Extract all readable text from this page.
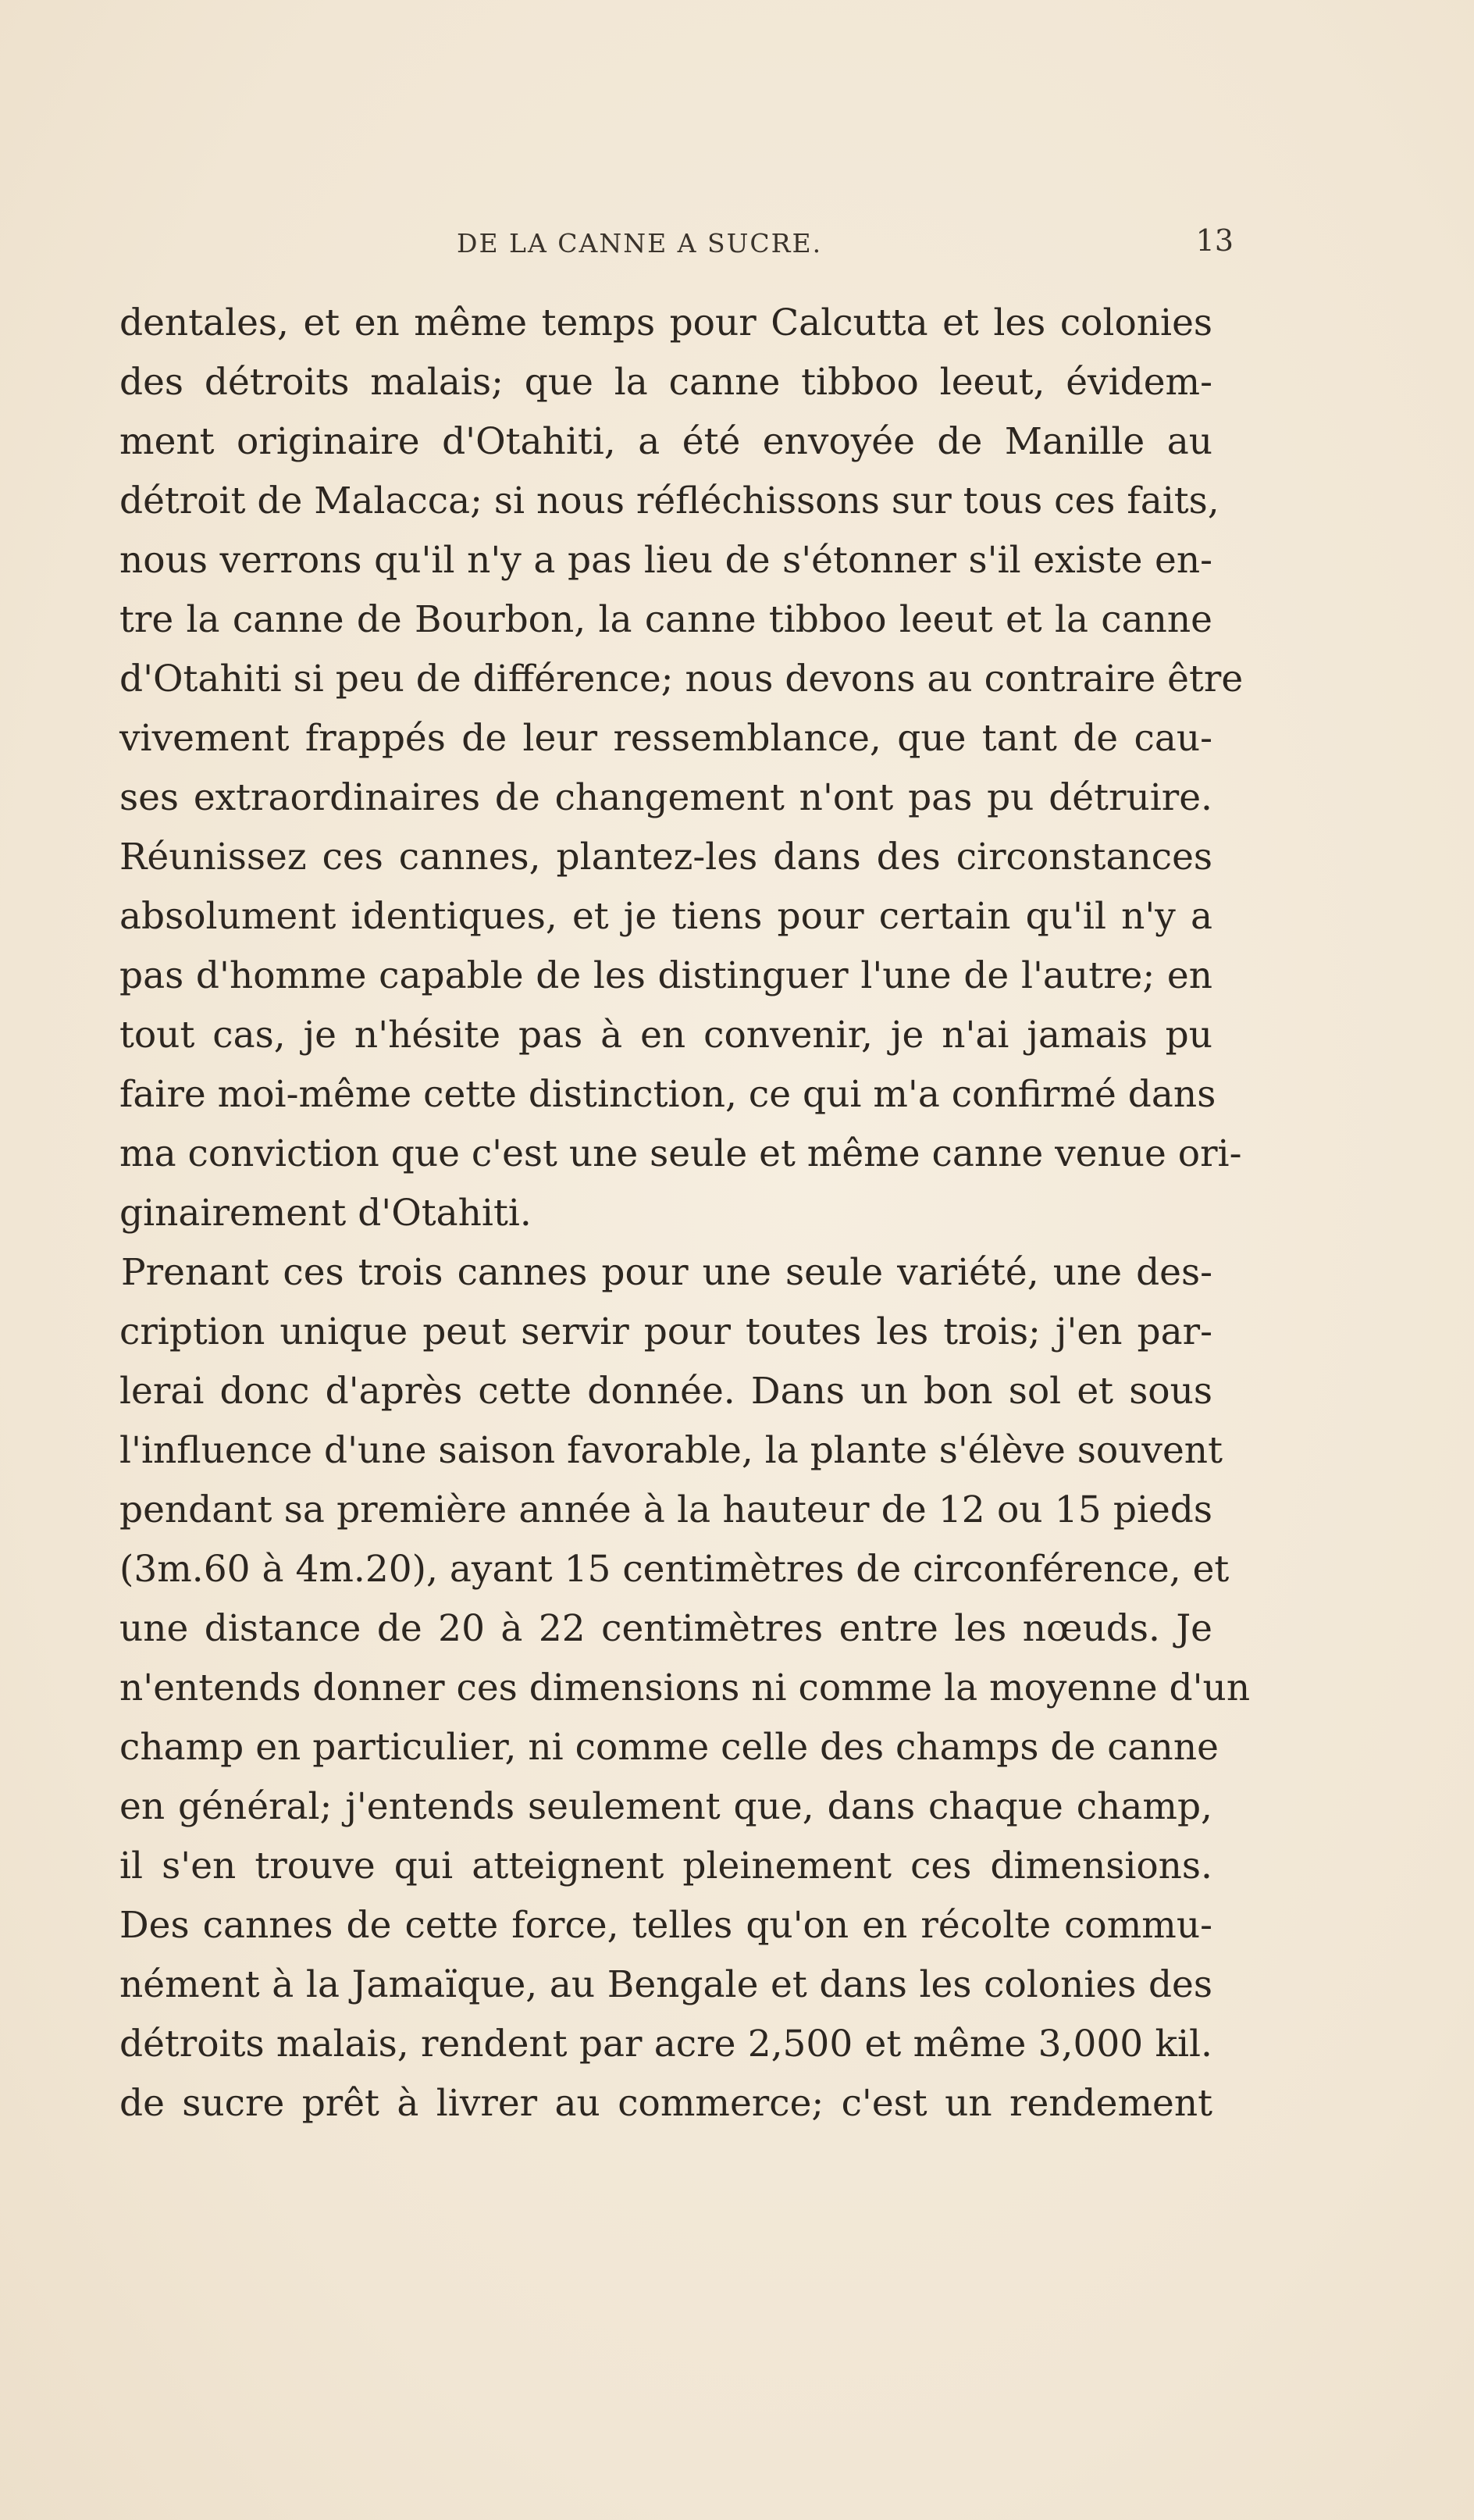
DE LA CANNE A SUCRE.	13
dentales, et en même temps pour Calcutta et les colonies
des détroits malais; que la canne tibboo leeut, évidem-
ment originaire d'Otahiti, a été envoyée de Manille au
détroit de Malacca; si nous réfléchissons sur tous ces faits,
nous verrons qu'il n'y a pas lieu de s'étonner s'il existe en-
tre la canne de Bourbon, la canne tibboo leeut et la canne
d'Otahiti si peu de différence; nous devons au contraire être
vivement frappés de leur ressemblance, que tant de cau-
ses extraordinaires de changement n'ont pas pu détruire.
Réunissez ces cannes, plantez-les dans des circonstances
absolument identiques, et je tiens pour certain qu'il n'y a
pas d'homme capable de les distinguer l'une de l'autre; en
tout cas, je n'hésite pas à en convenir, je n'ai jamais pu
faire moi-même cette distinction, ce qui m'a confirmé dans
ma conviction que c'est une seule et même canne venue ori-
ginairement d'Otahiti.
Prenant ces trois cannes pour une seule variété, une des-
cription unique peut servir pour toutes les trois; j'en par-
lerai donc d'après cette donnée. Dans un bon sol et sous
l'influence d'une saison favorable, la plante s'élève souvent
pendant sa première année à la hauteur de 12 ou 15 pieds
(3m.60 à 4m.20), ayant 15 centimètres de circonférence, et
une distance de 20 à 22 centimètres entre les nœuds. Je
n'entends donner ces dimensions ni comme la moyenne d'un
champ en particulier, ni comme celle des champs de canne
en général; j'entends seulement que, dans chaque champ,
il s'en trouve qui atteignent pleinement ces dimensions.
Des cannes de cette force, telles qu'on en récolte commu-
nément à la Jamaïque, au Bengale et dans les colonies des
détroits malais, rendent par acre 2,500 et même 3,000 kil.
de sucre prêt à livrer au commerce; c'est un rendement
